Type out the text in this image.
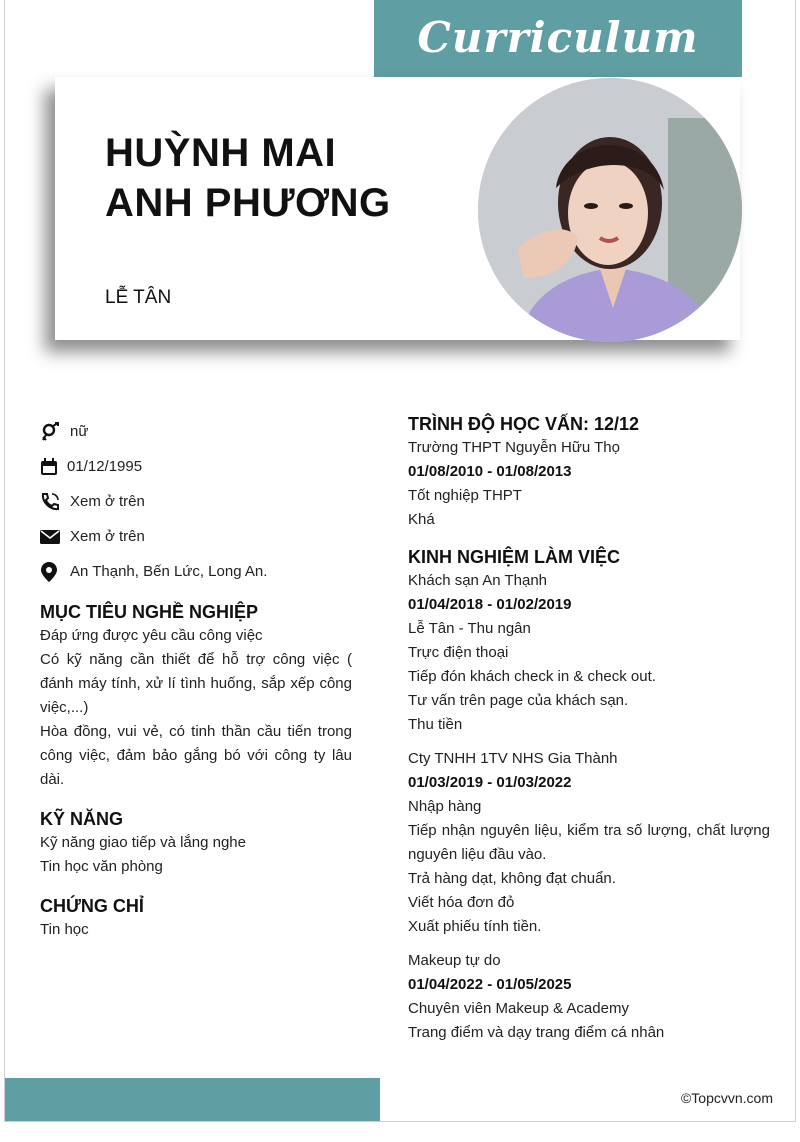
Curriculum
HUỲNH MAI ANH PHƯƠNG
LỄ TÂN
nữ
01/12/1995
Xem ở trên
Xem ở trên
An Thạnh, Bến Lức, Long An.
MỤC TIÊU NGHỀ NGHIỆP

Đáp ứng được yêu cầu công việc

Có kỹ năng cần thiết để hỗ trợ công việc ( đánh máy tính, xử lí tình huống, sắp xếp công việc,...)

Hòa đồng, vui vẻ, có tinh thần cầu tiến trong công việc, đảm bảo gắng bó với công ty lâu dài.

KỸ NĂNG

Kỹ năng giao tiếp và lắng nghe

Tin học văn phòng

CHỨNG CHỈ

Tin học

TRÌNH ĐỘ HỌC VẤN: 12/12

Trường THPT Nguyễn Hữu Thọ

01/08/2010 - 01/08/2013

Tốt nghiệp THPT

Khá

KINH NGHIỆM LÀM VIỆC

Khách sạn An Thạnh

01/04/2018 - 01/02/2019

Lễ Tân - Thu ngân

Trực điện thoại

Tiếp đón khách check in & check out.

Tư vấn trên page của khách sạn.

Thu tiền

Cty TNHH 1TV NHS Gia Thành

01/03/2019 - 01/03/2022

Nhập hàng

Tiếp nhận nguyên liệu, kiểm tra số lượng, chất lượng nguyên liệu đầu vào.

Trả hàng dạt, không đạt chuẩn.

Viết hóa đơn đỏ

Xuất phiếu tính tiền.

Makeup tự do

01/04/2022 - 01/05/2025

Chuyên viên Makeup & Academy

Trang điểm và dạy trang điểm cá nhân

©Topcvvn.com
